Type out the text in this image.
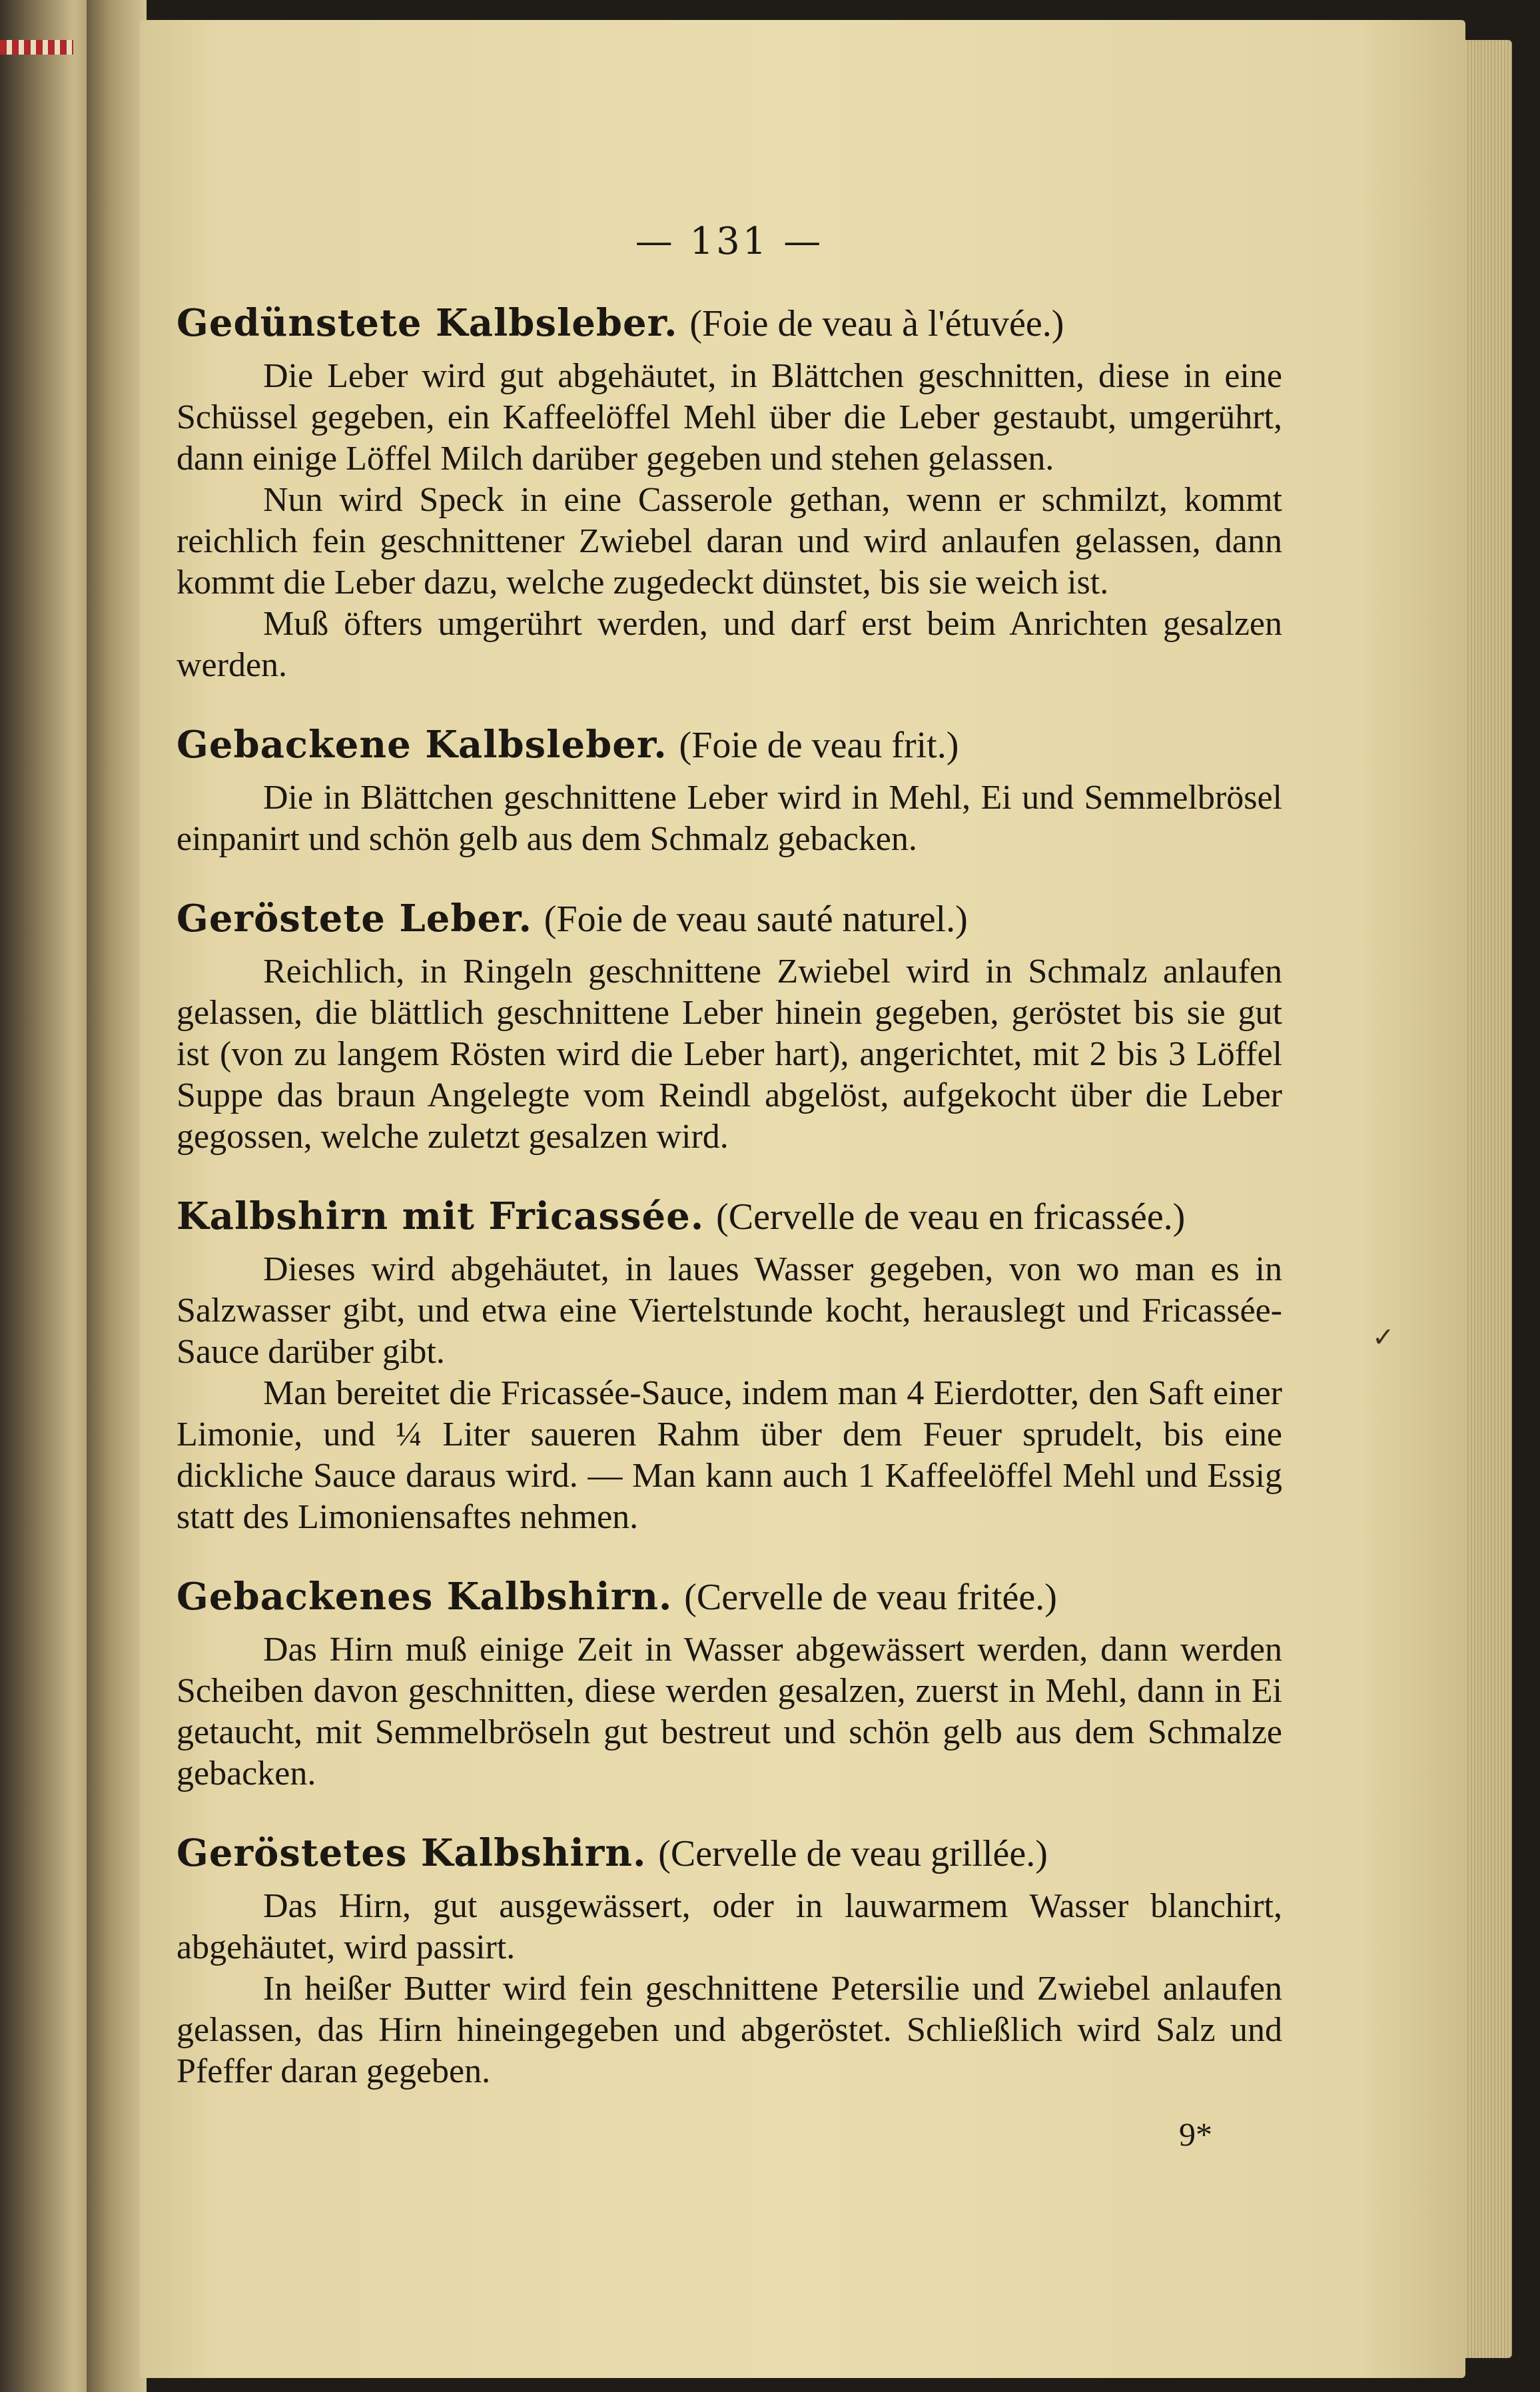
— 131 —
Gedünstete Kalbsleber. (Foie de veau à l'étuvée.)

Die Leber wird gut abgehäutet, in Blättchen geschnitten, diese in eine Schüssel gegeben, ein Kaffeelöffel Mehl über die Leber gestaubt, umgerührt, dann einige Löffel Milch darüber gegeben und stehen gelassen.

Nun wird Speck in eine Casserole gethan, wenn er schmilzt, kommt reichlich fein geschnittener Zwiebel daran und wird anlaufen gelassen, dann kommt die Leber dazu, welche zugedeckt dünstet, bis sie weich ist.

Muß öfters umgerührt werden, und darf erst beim Anrichten gesalzen werden.

Gebackene Kalbsleber. (Foie de veau frit.)

Die in Blättchen geschnittene Leber wird in Mehl, Ei und Semmelbrösel einpanirt und schön gelb aus dem Schmalz gebacken.

Geröstete Leber. (Foie de veau sauté naturel.)

Reichlich, in Ringeln geschnittene Zwiebel wird in Schmalz anlaufen gelassen, die blättlich geschnittene Leber hinein gegeben, geröstet bis sie gut ist (von zu langem Rösten wird die Leber hart), angerichtet, mit 2 bis 3 Löffel Suppe das braun Angelegte vom Reindl abgelöst, aufgekocht über die Leber gegossen, welche zuletzt gesalzen wird.

Kalbshirn mit Fricassée. (Cervelle de veau en fricassée.)

Dieses wird abgehäutet, in laues Wasser gegeben, von wo man es in Salzwasser gibt, und etwa eine Viertelstunde kocht, herauslegt und Fricassée-Sauce darüber gibt.

Man bereitet die Fricassée-Sauce, indem man 4 Eierdotter, den Saft einer Limonie, und ¼ Liter saueren Rahm über dem Feuer sprudelt, bis eine dickliche Sauce daraus wird. — Man kann auch 1 Kaffeelöffel Mehl und Essig statt des Limoniensaftes nehmen.

Gebackenes Kalbshirn. (Cervelle de veau fritée.)

Das Hirn muß einige Zeit in Wasser abgewässert werden, dann werden Scheiben davon geschnitten, diese werden gesalzen, zuerst in Mehl, dann in Ei getaucht, mit Semmelbröseln gut bestreut und schön gelb aus dem Schmalze gebacken.

Geröstetes Kalbshirn. (Cervelle de veau grillée.)

Das Hirn, gut ausgewässert, oder in lauwarmem Wasser blanchirt, abgehäutet, wird passirt.

In heißer Butter wird fein geschnittene Petersilie und Zwiebel anlaufen gelassen, das Hirn hineingegeben und abgeröstet. Schließlich wird Salz und Pfeffer daran gegeben.

✓
9*
